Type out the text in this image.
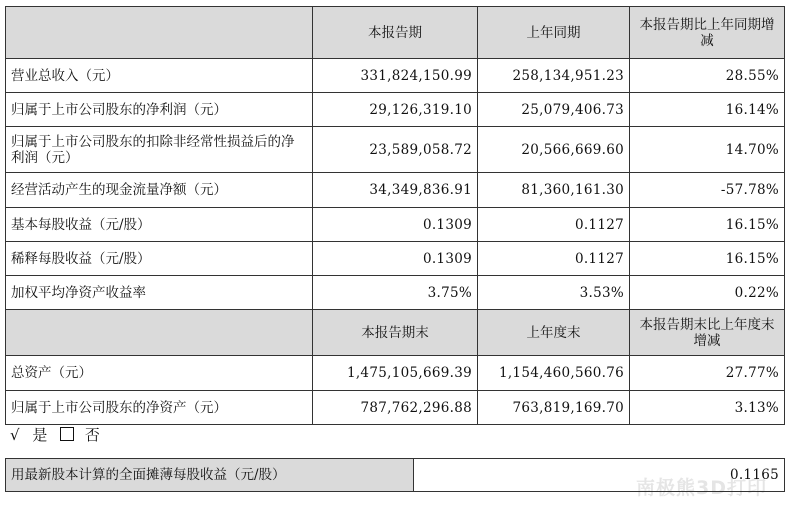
	本报告期	上年同期	本报告期比上年同期增减
营业总收入（元）	331,824,150.99	258,134,951.23	28.55%
归属于上市公司股东的净利润（元）	29,126,319.10	25,079,406.73	16.14%
归属于上市公司股东的扣除非经常性损益后的净利润（元）	23,589,058.72	20,566,669.60	14.70%
经营活动产生的现金流量净额（元）	34,349,836.91	81,360,161.30	-57.78%
基本每股收益（元/股）	0.1309	0.1127	16.15%
稀释每股收益（元/股）	0.1309	0.1127	16.15%
加权平均净资产收益率	3.75%	3.53%	0.22%
	本报告期末	上年度末	本报告期末比上年度末增减
总资产（元）	1,475,105,669.39	1,154,460,560.76	27.77%
归属于上市公司股东的净资产（元）	787,762,296.88	763,819,169.70	3.13%
√ 是 否
用最新股本计算的全面摊薄每股收益（元/股）	0.1165
南极熊3D打印
